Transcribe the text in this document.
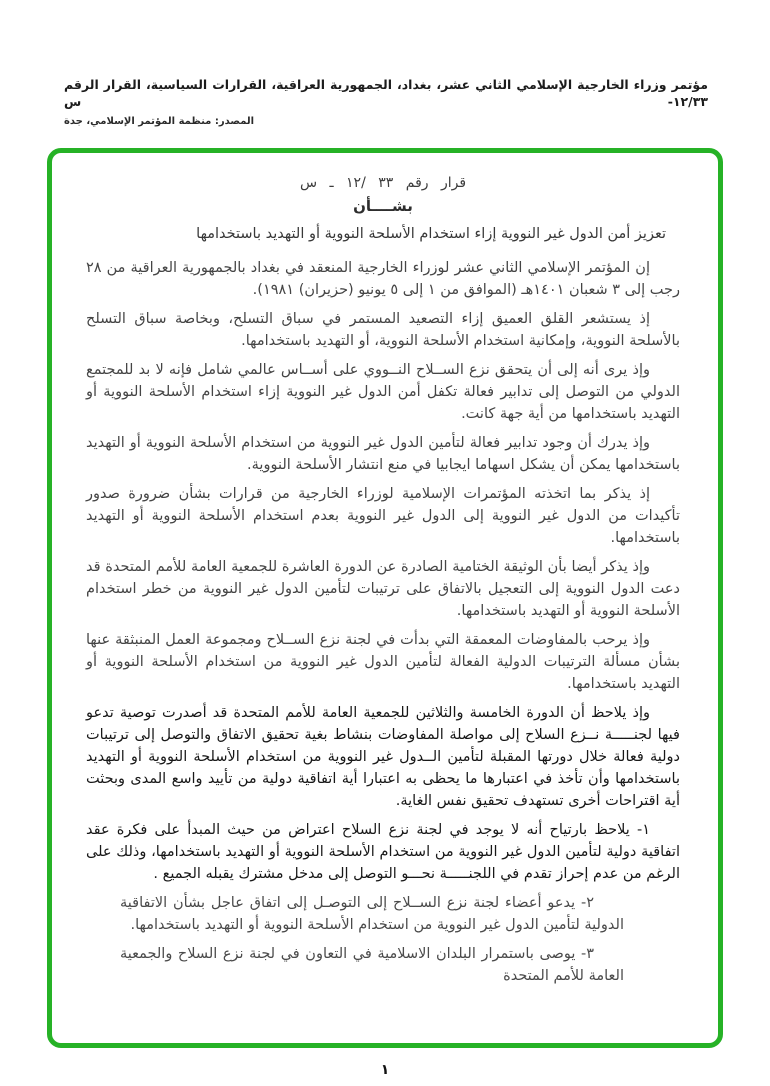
مؤتمر وزراء الخارجية الإسلامي الثاني عشر، بغداد، الجمهورية العراقية، القرارات السياسية، القرار الرقم ١٢/٣٣- س
المصدر: منظمة المؤتمر الإسلامي، جدة
قرار رقم ٣٣ /١٢ ـ س
بشــــأن
تعزيز أمن الدول غير النووية إزاء استخدام الأسلحة النووية أو التهديد باستخدامها

إن المؤتمر الإسلامي الثاني عشر لوزراء الخارجية المنعقد في بغداد بالجمهورية العراقية من ٢٨ رجب إلى ٣ شعبان ١٤٠١هـ (الموافق من ١ إلى ٥ يونيو (حزيران) ١٩٨١).

إذ يستشعر القلق العميق إزاء التصعيد المستمر في سباق التسلح، وبخاصة سباق التسلح بالأسلحة النووية، وإمكانية استخدام الأسلحة النووية، أو التهديد باستخدامها.

وإذ يرى أنه إلى أن يتحقق نزع الســلاح النــووي على أســاس عالمي شامل فإنه لا بد للمجتمع الدولي من التوصل إلى تدابير فعالة تكفل أمن الدول غير النووية إزاء استخدام الأسلحة النووية أو التهديد باستخدامها من أية جهة كانت.

وإذ يدرك أن وجود تدابير فعالة لتأمين الدول غير النووية من استخدام الأسلحة النووية أو التهديد باستخدامها يمكن أن يشكل اسهاما ايجابيا في منع انتشار الأسلحة النووية.

إذ يذكر بما اتخذته المؤتمرات الإسلامية لوزراء الخارجية من قرارات بشأن ضرورة صدور تأكيدات من الدول غير النووية إلى الدول غير النووية بعدم استخدام الأسلحة النووية أو التهديد باستخدامها.

وإذ يذكر أيضا بأن الوثيقة الختامية الصادرة عن الدورة العاشرة للجمعية العامة للأمم المتحدة قد دعت الدول النووية إلى التعجيل بالاتفاق على ترتيبات لتأمين الدول غير النووية من خطر استخدام الأسلحة النووية أو التهديد باستخدامها.

وإذ يرحب بالمفاوضات المعمقة التي بدأت في لجنة نزع الســلاح ومجموعة العمل المنبثقة عنها بشأن مسألة الترتيبات الدولية الفعالة لتأمين الدول غير النووية من استخدام الأسلحة النووية أو التهديد باستخدامها.

وإذ يلاحظ أن الدورة الخامسة والثلاثين للجمعية العامة للأمم المتحدة قد أصدرت توصية تدعو فيها لجنـــــة نــزع السلاح إلى مواصلة المفاوضات بنشاط بغية تحقيق الاتفاق والتوصل إلى ترتيبات دولية فعالة خلال دورتها المقبلة لتأمين الــدول غير النووية من استخدام الأسلحة النووية أو التهديد باستخدامها وأن تأخذ في اعتبارها ما يحظى به اعتبارا أية اتفاقية دولية من تأييد واسع المدى وبحثت أية اقتراحات أخرى تستهدف تحقيق نفس الغاية.

١- يلاحظ بارتياح أنه لا يوجد في لجنة نزع السلاح اعتراض من حيث المبدأ على فكرة عقد اتفاقية دولية لتأمين الدول غير النووية من استخدام الأسلحة النووية أو التهديد باستخدامها، وذلك على الرغم من عدم إحراز تقدم في اللجنـــــة نحـــو التوصل إلى مدخل مشترك يقبله الجميع .

٢- يدعو أعضاء لجنة نزع الســلاح إلى التوصـل إلى اتفاق عاجل بشأن الاتفاقية الدولية لتأمين الدول غير النووية من استخدام الأسلحة النووية أو التهديد باستخدامها.

٣- يوصى باستمرار البلدان الاسلامية في التعاون في لجنة نزع السلاح والجمعية العامة للأمم المتحدة

١
